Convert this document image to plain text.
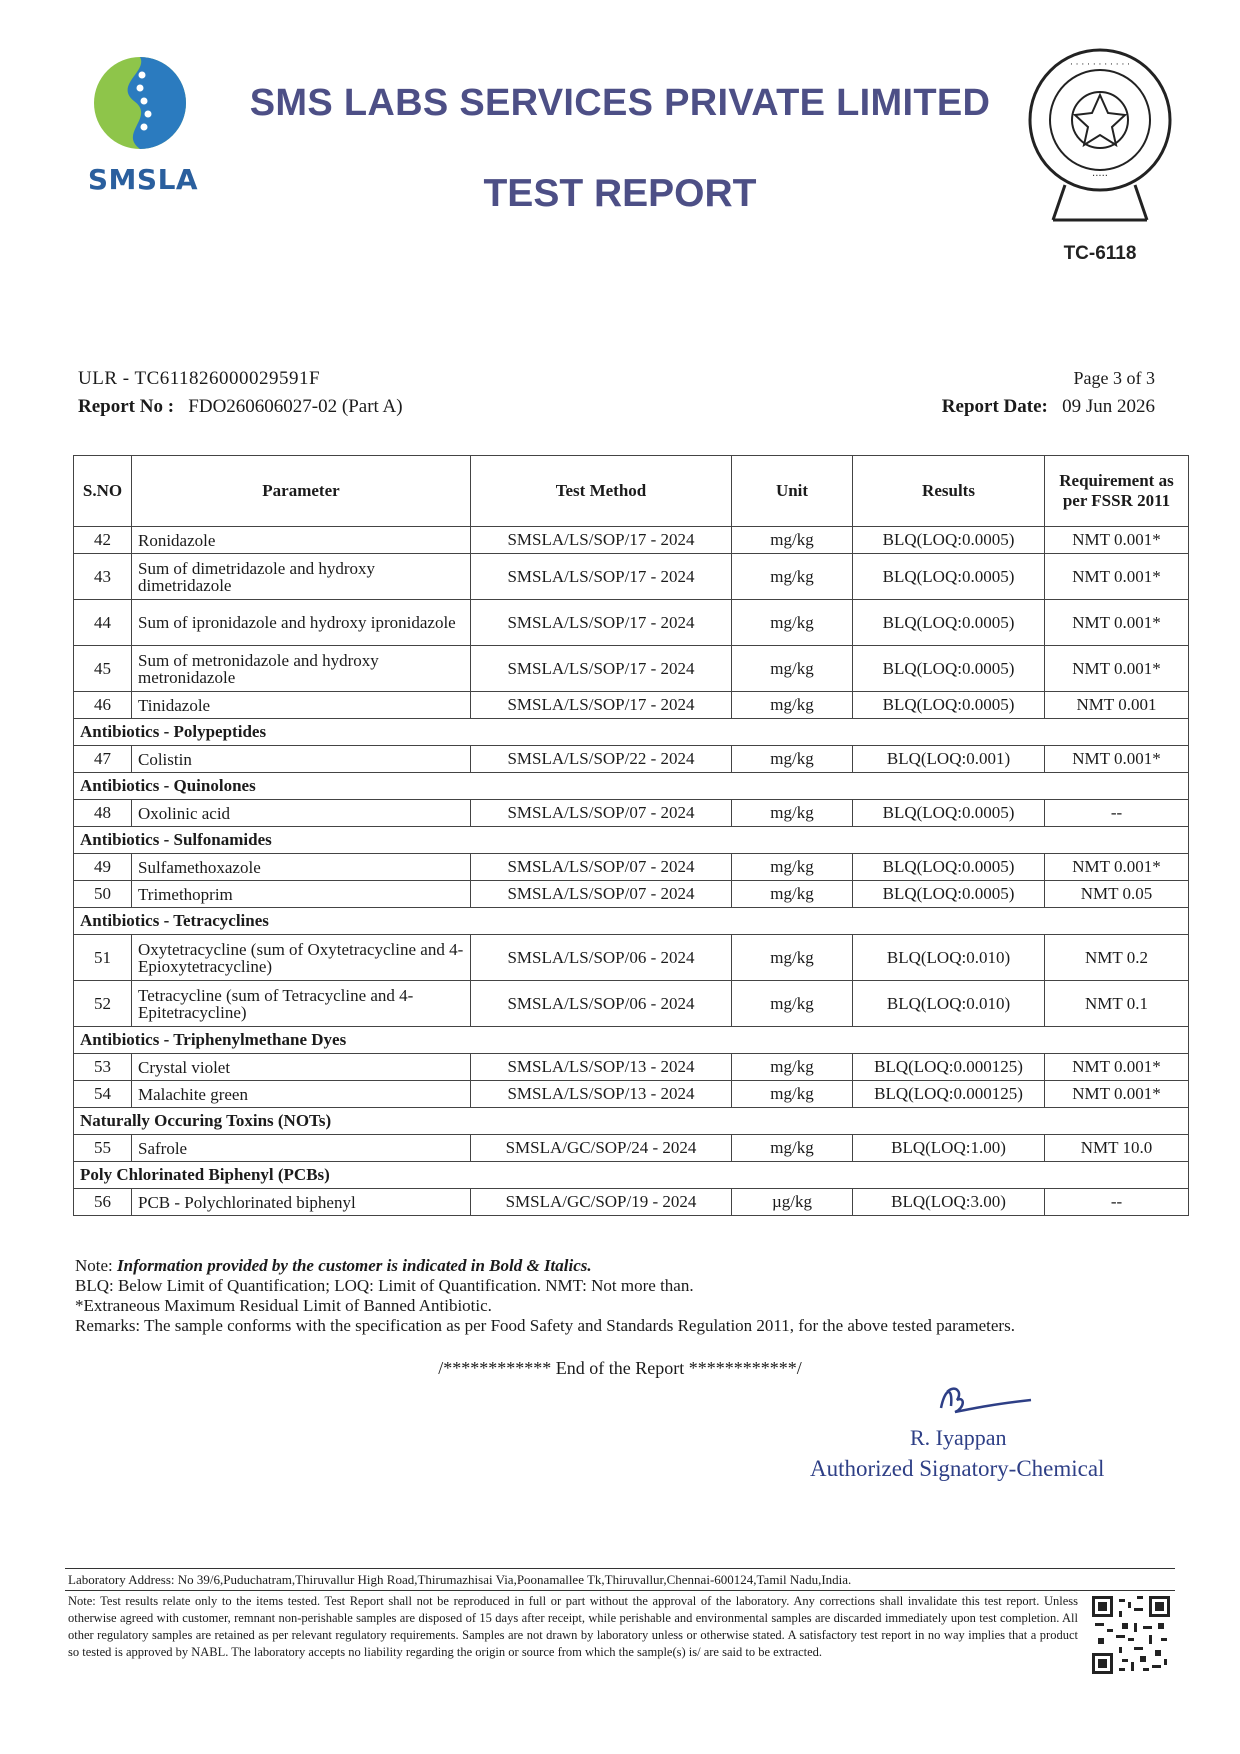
SMSLA
SMS LABS SERVICES PRIVATE LIMITED
TEST REPORT
· · · · · · · · · · ·
·····
TC-6118
ULR - TC611826000029591F	Page 3 of 3
Report No : FDO260606027-02 (Part A)	Report Date: 09 Jun 2026
S.NO	Parameter	Test Method	Unit	Results	Requirement as per FSSR 2011
42	Ronidazole	SMSLA/LS/SOP/17 - 2024	mg/kg	BLQ(LOQ:0.0005)	NMT 0.001*
43	Sum of dimetridazole and hydroxy dimetridazole	SMSLA/LS/SOP/17 - 2024	mg/kg	BLQ(LOQ:0.0005)	NMT 0.001*
44	Sum of ipronidazole and hydroxy ipronidazole	SMSLA/LS/SOP/17 - 2024	mg/kg	BLQ(LOQ:0.0005)	NMT 0.001*
45	Sum of metronidazole and hydroxy metronidazole	SMSLA/LS/SOP/17 - 2024	mg/kg	BLQ(LOQ:0.0005)	NMT 0.001*
46	Tinidazole	SMSLA/LS/SOP/17 - 2024	mg/kg	BLQ(LOQ:0.0005)	NMT 0.001
Antibiotics - Polypeptides					
47	Colistin	SMSLA/LS/SOP/22 - 2024	mg/kg	BLQ(LOQ:0.001)	NMT 0.001*
Antibiotics - Quinolones					
48	Oxolinic acid	SMSLA/LS/SOP/07 - 2024	mg/kg	BLQ(LOQ:0.0005)	--
Antibiotics - Sulfonamides					
49	Sulfamethoxazole	SMSLA/LS/SOP/07 - 2024	mg/kg	BLQ(LOQ:0.0005)	NMT 0.001*
50	Trimethoprim	SMSLA/LS/SOP/07 - 2024	mg/kg	BLQ(LOQ:0.0005)	NMT 0.05
Antibiotics - Tetracyclines					
51	Oxytetracycline (sum of Oxytetracycline and 4-Epioxytetracycline)	SMSLA/LS/SOP/06 - 2024	mg/kg	BLQ(LOQ:0.010)	NMT 0.2
52	Tetracycline (sum of Tetracycline and 4-Epitetracycline)	SMSLA/LS/SOP/06 - 2024	mg/kg	BLQ(LOQ:0.010)	NMT 0.1
Antibiotics - Triphenylmethane Dyes					
53	Crystal violet	SMSLA/LS/SOP/13 - 2024	mg/kg	BLQ(LOQ:0.000125)	NMT 0.001*
54	Malachite green	SMSLA/LS/SOP/13 - 2024	mg/kg	BLQ(LOQ:0.000125)	NMT 0.001*
Naturally Occuring Toxins (NOTs)					
55	Safrole	SMSLA/GC/SOP/24 - 2024	mg/kg	BLQ(LOQ:1.00)	NMT 10.0
Poly Chlorinated Biphenyl (PCBs)					
56	PCB - Polychlorinated biphenyl	SMSLA/GC/SOP/19 - 2024	µg/kg	BLQ(LOQ:3.00)	--
Note: Information provided by the customer is indicated in Bold & Italics.
BLQ: Below Limit of Quantification; LOQ: Limit of Quantification. NMT: Not more than.
*Extraneous Maximum Residual Limit of Banned Antibiotic.
Remarks: The sample conforms with the specification as per Food Safety and Standards Regulation 2011, for the above tested parameters.
/************ End of the Report ************/
R. Iyappan
Authorized Signatory-Chemical
Laboratory Address: No 39/6,Puduchatram,Thiruvallur High Road,Thirumazhisai Via,Poonamallee Tk,Thiruvallur,Chennai-600124,Tamil Nadu,India.
Note: Test results relate only to the items tested. Test Report shall not be reproduced in full or part without the approval of the laboratory. Any corrections shall invalidate this test report. Unless otherwise agreed with customer, remnant non-perishable samples are disposed of 15 days after receipt, while perishable and environmental samples are discarded immediately upon test completion. All other regulatory samples are retained as per relevant regulatory requirements. Samples are not drawn by laboratory unless or otherwise stated. A satisfactory test report in no way implies that a product so tested is approved by NABL. The laboratory accepts no liability regarding the origin or source from which the sample(s) is/ are said to be extracted.
